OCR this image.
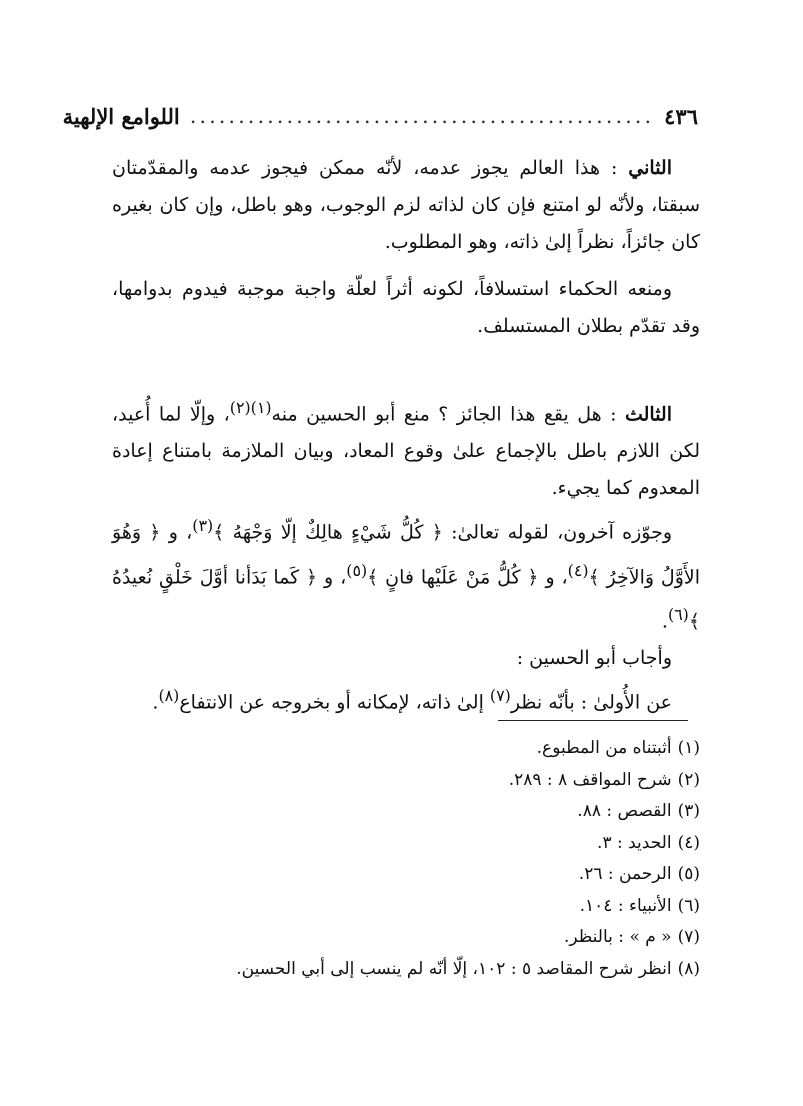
٤٣٦
................................................
اللوامع الإلهية

الثاني : هذا العالم يجوز عدمه، لأنّه ممكن فيجوز عدمه والمقدّمتان سبقتا، ولأنّه لو امتنع فإن كان لذاته لزم الوجوب، وهو باطل، وإن كان بغيره كان جائزاً، نظراً إلىٰ ذاته، وهو المطلوب.

ومنعه الحكماء استسلافاً، لكونه أثراً لعلّة واجبة موجبة فيدوم بدوامها، وقد تقدّم بطلان المستسلف.

الثالث : هل يقع هذا الجائز ؟ منع أبو الحسين منه$^{(١)(٢)}$، وإلّا لما أُعيد، لكن اللازم باطل بالإجماع علىٰ وقوع المعاد، وبيان الملازمة بامتناع إعادة المعدوم كما يجيء.

وجوّزه آخرون، لقوله تعالىٰ: ﴿ كُلُّ شَيْءٍ هالِكٌ إلّا وَجْهَهُ ﴾$^{(٣)}$، و ﴿ وَهُوَ الأَوَّلُ وَالآخِرُ ﴾$^{(٤)}$، و ﴿ كُلُّ مَنْ عَلَيْها فانٍ ﴾$^{(٥)}$، و ﴿ كَما بَدَأنا أوَّلَ خَلْقٍ نُعيدُهُ ﴾$^{(٦)}$.

وأجاب أبو الحسين :

عن الأُولىٰ : بأنّه نظر$^{(٧)}$ إلىٰ ذاته، لإمكانه أو بخروجه عن الانتفاع$^{(٨)}$.

(١)أثبتناه من المطبوع.
(٢)شرح المواقف ٨ : ٢٨٩.
(٣)القصص : ٨٨.
(٤)الحديد : ٣.
(٥)الرحمن : ٢٦.
(٦)الأنبياء : ١٠٤.
(٧)« م » : بالنظر.
(٨)انظر شرح المقاصد ٥ : ١٠٢، إلّا أنّه لم ينسب إلى أبي الحسين.
